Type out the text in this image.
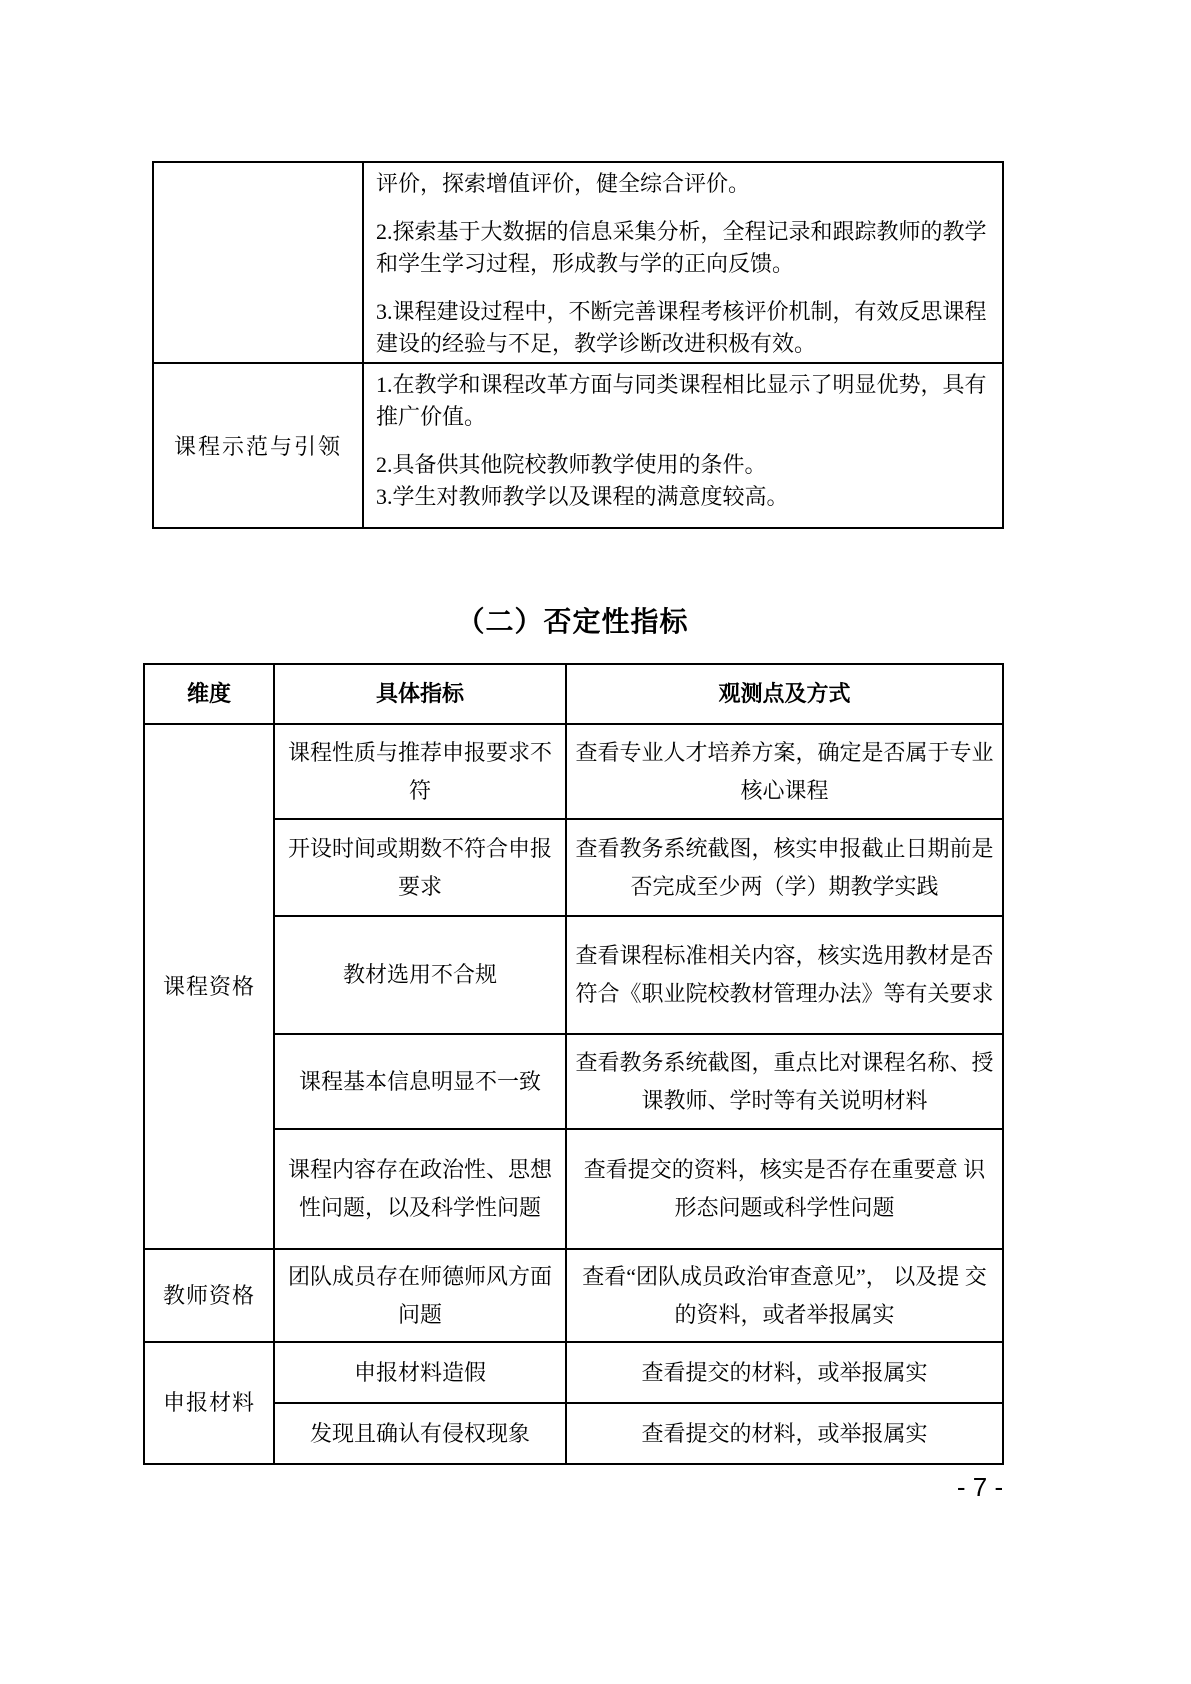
	评价，探索增值评价，健全综合评价。

2.探索基于大数据的信息采集分析，全程记录和跟踪教师的教学和学生学习过程，形成教与学的正向反馈。

3.课程建设过程中，不断完善课程考核评价机制，有效反思课程建设的经验与不足，教学诊断改进积极有效。

课程示范与引领	1.在教学和课程改革方面与同类课程相比显示了明显优势，具有推广价值。

2.具备供其他院校教师教学使用的条件。

3.学生对教师教学以及课程的满意度较高。

（二）否定性指标
维度	具体指标	观测点及方式
课程资格	课程性质与推荐申报要求不符	查看专业人才培养方案，确定是否属于专业核心课程
	开设时间或期数不符合申报要求	查看教务系统截图，核实申报截止日期前是否完成至少两（学）期教学实践
	教材选用不合规	查看课程标准相关内容，核实选用教材是否符合《职业院校教材管理办法》等有关要求
	课程基本信息明显不一致	查看教务系统截图，重点比对课程名称、授课教师、学时等有关说明材料
	课程内容存在政治性、思想性问题，以及科学性问题	查看提交的资料，核实是否存在重要意 识形态问题或科学性问题
教师资格	团队成员存在师德师风方面问题	查看“团队成员政治审查意见”， 以及提 交的资料，或者举报属实
申报材料	申报材料造假	查看提交的材料，或举报属实
	发现且确认有侵权现象	查看提交的材料，或举报属实
- 7 -
